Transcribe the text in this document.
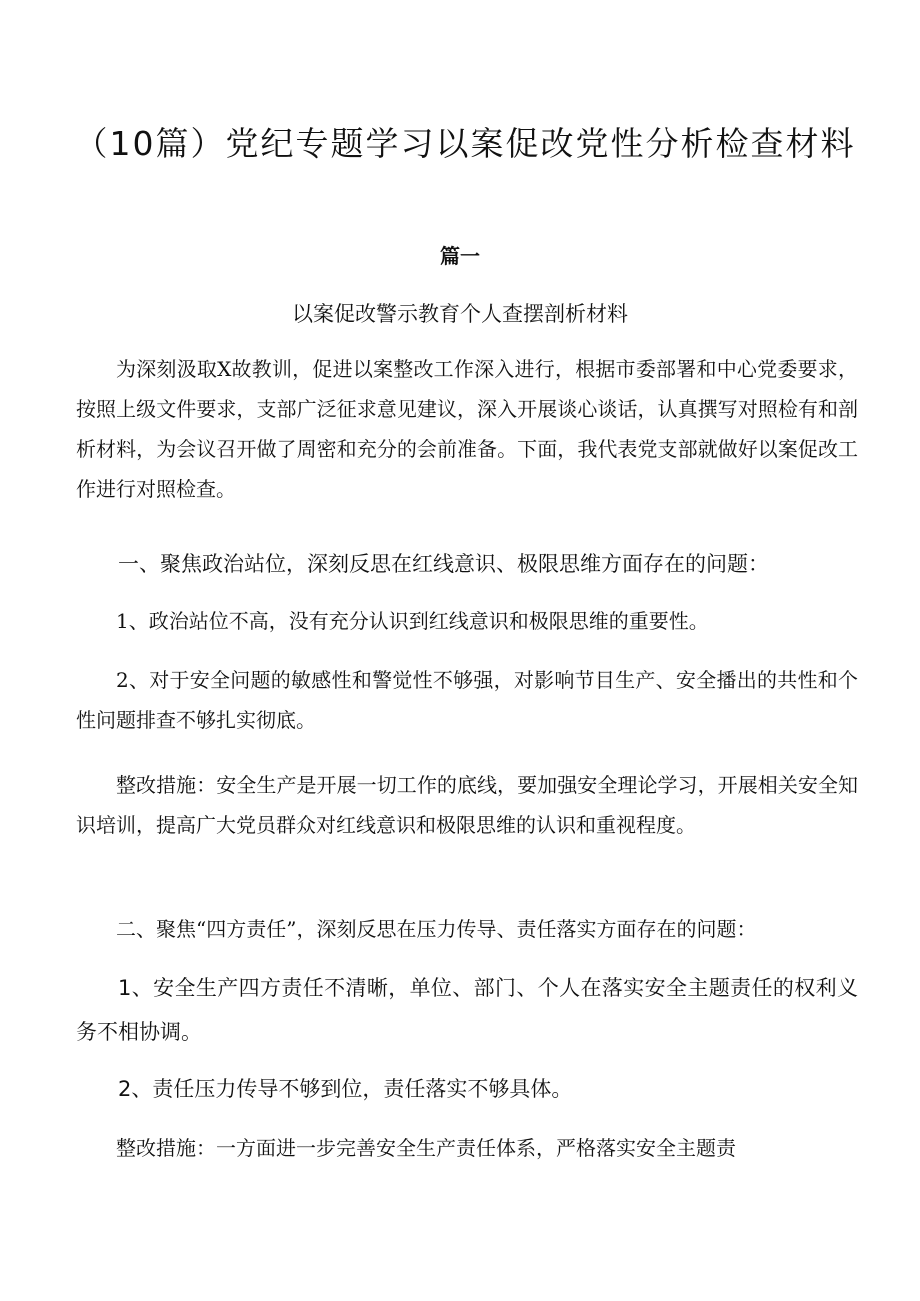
（10篇）党纪专题学习以案促改党性分析检查材料
篇一
以案促改警示教育个人查摆剖析材料

为深刻汲取X故教训，促进以案整改工作深入进行，根据市委部署和中心党委要求，按照上级文件要求，支部广泛征求意见建议，深入开展谈心谈话，认真撰写对照检有和剖析材料，为会议召开做了周密和充分的会前准备。下面，我代表党支部就做好以案促改工作进行对照检查。

一、聚焦政治站位，深刻反思在红线意识、极限思维方面存在的问题：

1、政治站位不高，没有充分认识到红线意识和极限思维的重要性。

2、对于安全问题的敏感性和警觉性不够强，对影响节目生产、安全播出的共性和个性问题排查不够扎实彻底。

整改措施：安全生产是开展一切工作的底线，要加强安全理论学习，开展相关安全知识培训，提高广大党员群众对红线意识和极限思维的认识和重视程度。

二、聚焦“四方责任”，深刻反思在压力传导、责任落实方面存在的问题：

1、安全生产四方责任不清晰，单位、部门、个人在落实安全主题责任的权利义务不相协调。

2、责任压力传导不够到位，责任落实不够具体。

整改措施：一方面进一步完善安全生产责任体系，严格落实安全主题责
